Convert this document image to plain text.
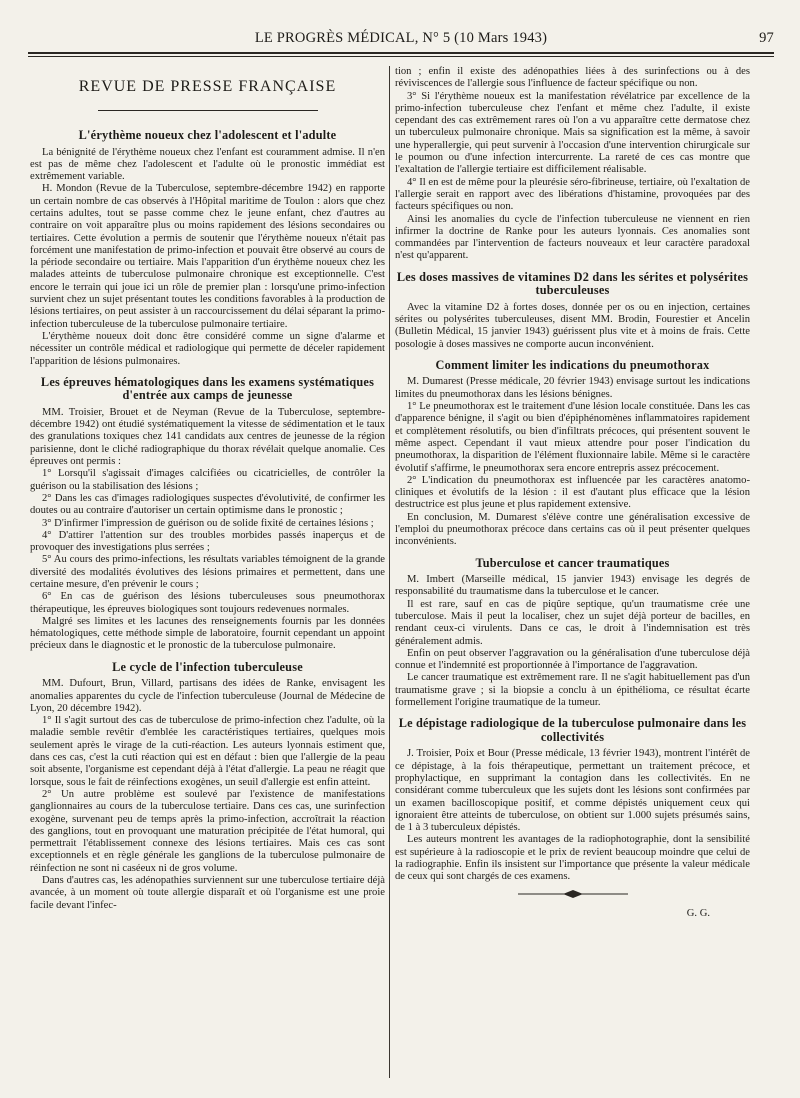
LE PROGRÈS MÉDICAL, N° 5 (10 Mars 1943)	97
REVUE DE PRESSE FRANÇAISE
L'érythème noueux chez l'adolescent et l'adulte

La bénignité de l'érythème noueux chez l'enfant est couramment admise. Il n'en est pas de même chez l'adolescent et l'adulte où le pronostic immédiat est extrêmement variable.

H. Mondon (Revue de la Tuberculose, septembre-décembre 1942) en rapporte un certain nombre de cas observés à l'Hôpital maritime de Toulon : alors que chez certains adultes, tout se passe comme chez le jeune enfant, chez d'autres au contraire on voit apparaître plus ou moins rapidement des lésions secondaires ou tertiaires. Cette évolution a permis de soutenir que l'érythème noueux n'était pas forcément une manifestation de primo-infection et pouvait être observé au cours de la période secondaire ou tertiaire. Mais l'apparition d'un érythème noueux chez les malades atteints de tuberculose pulmonaire chronique est exceptionnelle. C'est encore le terrain qui joue ici un rôle de premier plan : lorsqu'une primo-infection survient chez un sujet présentant toutes les conditions favorables à la production de lésions tertiaires, on peut assister à un raccourcissement du délai séparant la primo-infection tuberculeuse de la tuberculose pulmonaire tertiaire.

L'érythème noueux doit donc être considéré comme un signe d'alarme et nécessiter un contrôle médical et radiologique qui permette de déceler rapidement l'apparition de lésions pulmonaires.

Les épreuves hématologiques dans les examens systématiques d'entrée aux camps de jeunesse

MM. Troisier, Brouet et de Neyman (Revue de la Tuberculose, septembre-décembre 1942) ont étudié systématiquement la vitesse de sédimentation et le taux des granulations toxiques chez 141 candidats aux centres de jeunesse de la région parisienne, dont le cliché radiographique du thorax révélait quelque anomalie. Ces épreuves ont permis :

1° Lorsqu'il s'agissait d'images calcifiées ou cicatricielles, de contrôler la guérison ou la stabilisation des lésions ;

2° Dans les cas d'images radiologiques suspectes d'évolutivité, de confirmer les doutes ou au contraire d'autoriser un certain optimisme dans le pronostic ;

3° D'infirmer l'impression de guérison ou de solide fixité de certaines lésions ;

4° D'attirer l'attention sur des troubles morbides passés inaperçus et de provoquer des investigations plus serrées ;

5° Au cours des primo-infections, les résultats variables témoignent de la grande diversité des modalités évolutives des lésions primaires et permettent, dans une certaine mesure, d'en prévenir le cours ;

6° En cas de guérison des lésions tuberculeuses sous pneumothorax thérapeutique, les épreuves biologiques sont toujours redevenues normales.

Malgré ses limites et les lacunes des renseignements fournis par les données hématologiques, cette méthode simple de laboratoire, fournit cependant un appoint précieux dans le diagnostic et le pronostic de la tuberculose pulmonaire.

Le cycle de l'infection tuberculeuse

MM. Dufourt, Brun, Villard, partisans des idées de Ranke, envisagent les anomalies apparentes du cycle de l'infection tuberculeuse (Journal de Médecine de Lyon, 20 décembre 1942).

1° Il s'agit surtout des cas de tuberculose de primo-infection chez l'adulte, où la maladie semble revêtir d'emblée les caractéristiques tertiaires, quelques mois seulement après le virage de la cuti-réaction. Les auteurs lyonnais estiment que, dans ces cas, c'est la cuti réaction qui est en défaut : bien que l'allergie de la peau soit absente, l'organisme est cependant déjà à l'état d'allergie. La peau ne réagit que lorsque, sous le fait de réinfections exogènes, un seuil d'allergie est enfin atteint.

2° Un autre problème est soulevé par l'existence de manifestations ganglionnaires au cours de la tuberculose tertiaire. Dans ces cas, une surinfection exogène, survenant peu de temps après la primo-infection, accroîtrait la réaction des ganglions, tout en provoquant une maturation précipitée de l'état humoral, qui permettrait l'établissement connexe des lésions tertiaires. Mais ces cas sont exceptionnels et en règle générale les ganglions de la tuberculose pulmonaire de réinfection ne sont ni caséeux ni de gros volume.

Dans d'autres cas, les adénopathies surviennent sur une tuberculose tertiaire déjà avancée, à un moment où toute allergie disparaît et où l'organisme est une proie facile devant l'infec-

tion ; enfin il existe des adénopathies liées à des surinfections ou à des réviviscences de l'allergie sous l'influence de facteur spécifique ou non.

3° Si l'érythème noueux est la manifestation révélatrice par excellence de la primo-infection tuberculeuse chez l'enfant et même chez l'adulte, il existe cependant des cas extrêmement rares où l'on a vu apparaître cette dermatose chez un tuberculeux pulmonaire chronique. Mais sa signification est la même, à savoir une hyperallergie, qui peut survenir à l'occasion d'une intervention chirurgicale sur le poumon ou d'une infection intercurrente. La rareté de ces cas montre que l'exaltation de l'allergie tertiaire est difficilement réalisable.

4° Il en est de même pour la pleurésie séro-fibrineuse, tertiaire, où l'exaltation de l'allergie serait en rapport avec des libérations d'histamine, provoquées par des facteurs spécifiques ou non.

Ainsi les anomalies du cycle de l'infection tuberculeuse ne viennent en rien infirmer la doctrine de Ranke pour les auteurs lyonnais. Ces anomalies sont commandées par l'intervention de facteurs nouveaux et leur caractère paradoxal n'est qu'apparent.

Les doses massives de vitamines D2 dans les sérites et polysérites tuberculeuses

Avec la vitamine D2 à fortes doses, donnée per os ou en injection, certaines sérites ou polysérites tuberculeuses, disent MM. Brodin, Fourestier et Ancelin (Bulletin Médical, 15 janvier 1943) guérissent plus vite et à moins de frais. Cette posologie à doses massives ne comporte aucun inconvénient.

Comment limiter les indications du pneumothorax

M. Dumarest (Presse médicale, 20 février 1943) envisage surtout les indications limites du pneumothorax dans les lésions bénignes.

1° Le pneumothorax est le traitement d'une lésion locale constituée. Dans les cas d'apparence bénigne, il s'agit ou bien d'épiphénomènes inflammatoires rapidement et complètement résolutifs, ou bien d'infiltrats précoces, qui présentent souvent le même aspect. Cependant il vaut mieux attendre pour poser l'indication du pneumothorax, la disparition de l'élément fluxionnaire labile. Même si le caractère évolutif s'affirme, le pneumothorax sera encore entrepris assez précocement.

2° L'indication du pneumothorax est influencée par les caractères anatomo-cliniques et évolutifs de la lésion : il est d'autant plus efficace que la lésion destructrice est plus jeune et plus rapidement extensive.

En conclusion, M. Dumarest s'élève contre une généralisation excessive de l'emploi du pneumothorax précoce dans certains cas où il peut présenter quelques inconvénients.

Tuberculose et cancer traumatiques

M. Imbert (Marseille médical, 15 janvier 1943) envisage les degrés de responsabilité du traumatisme dans la tuberculose et le cancer.

Il est rare, sauf en cas de piqûre septique, qu'un traumatisme crée une tuberculose. Mais il peut la localiser, chez un sujet déjà porteur de bacilles, en rendant ceux-ci virulents. Dans ce cas, le droit à l'indemnisation est très généralement admis.

Enfin on peut observer l'aggravation ou la généralisation d'une tuberculose déjà connue et l'indemnité est proportionnée à l'importance de l'aggravation.

Le cancer traumatique est extrêmement rare. Il ne s'agit habituellement pas d'un traumatisme grave ; si la biopsie a conclu à un épithélioma, ce résultat écarte formellement l'origine traumatique de la tumeur.

Le dépistage radiologique de la tuberculose pulmonaire dans les collectivités

J. Troisier, Poix et Bour (Presse médicale, 13 février 1943), montrent l'intérêt de ce dépistage, à la fois thérapeutique, permettant un traitement précoce, et prophylactique, en supprimant la contagion dans les collectivités. En ne considérant comme tuberculeux que les sujets dont les lésions sont confirmées par un examen bacilloscopique positif, et comme dépistés uniquement ceux qui ignoraient être atteints de tuberculose, on obtient sur 1.000 sujets présumés sains, de 1 à 3 tuberculeux dépistés.

Les auteurs montrent les avantages de la radiophotographie, dont la sensibilité est supérieure à la radioscopie et le prix de revient beaucoup moindre que celui de la radiographie. Enfin ils insistent sur l'importance que présente la valeur médicale de ceux qui sont chargés de ces examens.

G. G.
